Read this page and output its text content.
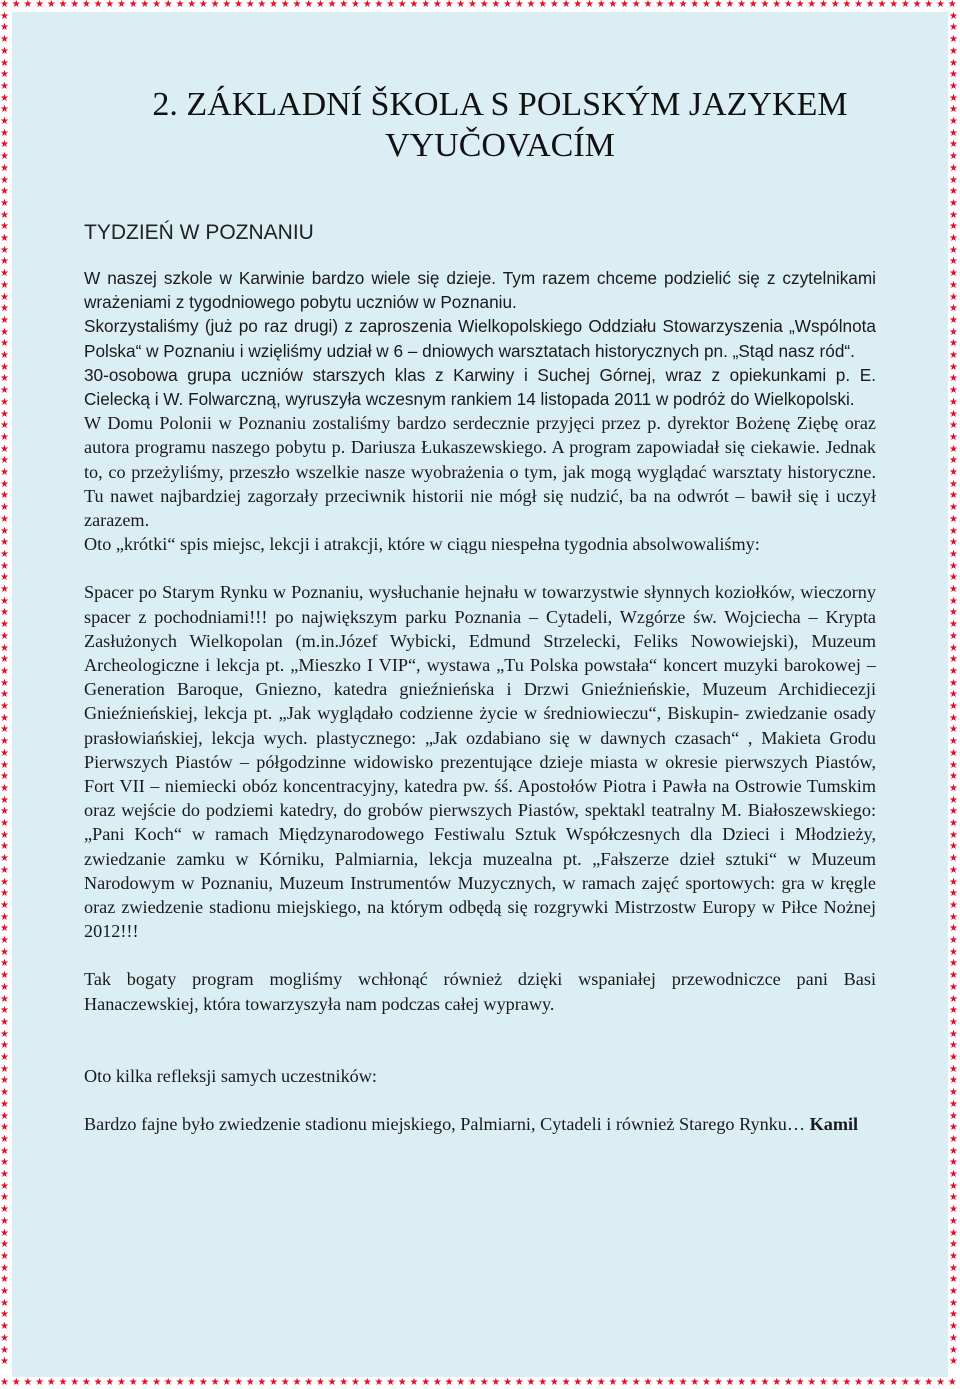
★
★
★
★
★
★
★
★
★
★
★
★
★
★
★
★
★
★
★
★
★
★
★
★
★
★
★
★
★
★
★
★
★
★
★
★
★
★
★
★
★
★
★
★
★
★
★
★
★
★
★
★
★
★
★
★
★
★
★
★
★
★
★
★
★
★
★
★
★
★
★
★
★
★
★
★
★
★
★
★
★
★
★
★
★
★
★
★
★
★
★
★
★
★
★
★
★
★
★
★
★
★
★
★
★
★
★
★
★
★
★
★
★
★
★
★
★
★
★
★
★
★
★
★
★
★
★
★
★
★
★
★
★
★
★
★
★
★
★
★
★
★
★
★
★
★
★
★
★
★
★
★
★
★
★
★
★
★
★
★
★
★
★
★
★	★
★	★
★	★
★	★
★	★
★	★
★	★
★	★
★	★
★	★
★	★
★	★
★	★
★	★
★	★
★	★
★	★
★	★
★	★
★	★
★	★
★	★
★	★
★	★
★	★
★	★
★	★
★	★
★	★
★	★
★	★
★	★
★	★
★	★
★	★
★	★
★	★
★	★
★	★
★	★
★	★
★	★
★	★
★	★
★	★
★	★
★	★
★	★
★	★
★	★
★	★
★	★
★	★
★	★
★	★
★	★
★	★
★	★
★	★
★	★
★	★
★	★
★	★
★	★
★	★
★	★
★	★
★	★
★	★
★	★
★	★
★	★
★	★
★	★
★	★
★	★
★	★
★	★
★	★
★	★
★	★
★	★
★	★
★	★
★	★
★	★
★	★
★	★
★	★
★	★
★	★
★	★
★	★
★	★
★	★
★	★
★	★
★	★
★	★
★	★
★	★
★	★
★	★
★	★
★	★
★	★
★	★
★	★
★	★
★	★
★	★
★	★
★	★
★	★
★	★
★	★
2. ZÁKLADNÍ ŠKOLA S POLSKÝM JAZYKEM VYUČOVACÍM
TYDZIEŃ W POZNANIU

W naszej szkole w Karwinie bardzo wiele się dzieje. Tym razem chceme podzielić się z czytelnikami wrażeniami z tygodniowego pobytu uczniów w Poznaniu.

Skorzystaliśmy (już po raz drugi) z zaproszenia Wielkopolskiego Oddziału Stowarzyszenia „Wspólnota Polska“ w Poznaniu i wzięliśmy udział w 6 – dniowych warsztatach historycznych pn. „Stąd nasz ród“.

30-osobowa grupa uczniów starszych klas z Karwiny i Suchej Górnej, wraz z opiekunkami p. E. Cielecką i W. Folwarczną, wyruszyła wczesnym rankiem 14 listopada 2011 w podróż do Wielkopolski.

W Domu Polonii w Poznaniu zostaliśmy bardzo serdecznie przyjęci przez p. dyrektor Bożenę Ziębę oraz autora programu naszego pobytu p. Dariusza Łukaszewskiego. A program zapowiadał się ciekawie. Jednak to, co przeżyliśmy, przeszło wszelkie nasze wyobrażenia o tym, jak mogą wyglądać warsztaty historyczne. Tu nawet najbardziej zagorzały przeciwnik historii nie mógł się nudzić, ba na odwrót – bawił się i uczył zarazem.

Oto „krótki“ spis miejsc, lekcji i atrakcji, które w ciągu niespełna tygodnia absolwowaliśmy:

Spacer po Starym Rynku w Poznaniu, wysłuchanie hejnału w towarzystwie słynnych koziołków, wieczorny spacer z pochodniami!!! po największym parku Poznania – Cytadeli, Wzgórze św. Wojciecha – Krypta Zasłużonych Wielkopolan (m.in.Józef Wybicki, Edmund Strzelecki, Feliks Nowowiejski), Muzeum Archeologiczne i lekcja pt. „Mieszko I VIP“, wystawa „Tu Polska powstała“ koncert muzyki barokowej – Generation Baroque, Gniezno, katedra gnieźnieńska i Drzwi Gnieźnieńskie, Muzeum Archidiecezji Gnieźnieńskiej, lekcja pt. „Jak wyglądało codzienne życie w średniowieczu“, Biskupin- zwiedzanie osady prasłowiańskiej, lekcja wych. plastycznego: „Jak ozdabiano się w dawnych czasach“ , Makieta Grodu Pierwszych Piastów – półgodzinne widowisko prezentujące dzieje miasta w okresie pierwszych Piastów, Fort VII – niemiecki obóz koncentracyjny, katedra pw. śś. Apostołów Piotra i Pawła na Ostrowie Tumskim oraz wejście do podziemi katedry, do grobów pierwszych Piastów, spektakl teatralny M. Białoszewskiego: „Pani Koch“ w ramach Międzynarodowego Festiwalu Sztuk Współczesnych dla Dzieci i Młodzieży, zwiedzanie zamku w Kórniku, Palmiarnia, lekcja muzealna pt. „Fałszerze dzieł sztuki“ w Muzeum Narodowym w Poznaniu, Muzeum Instrumentów Muzycznych, w ramach zajęć sportowych: gra w kręgle oraz zwiedzenie stadionu miejskiego, na którym odbędą się rozgrywki Mistrzostw Europy w Piłce Nożnej 2012!!!

Tak bogaty program mogliśmy wchłonąć również dzięki wspaniałej przewodniczce pani Basi Hanaczewskiej, która towarzyszyła nam podczas całej wyprawy.

Oto kilka refleksji samych uczestników:

Bardzo fajne było zwiedzenie stadionu miejskiego, Palmiarni, Cytadeli i również Starego Rynku… Kamil
